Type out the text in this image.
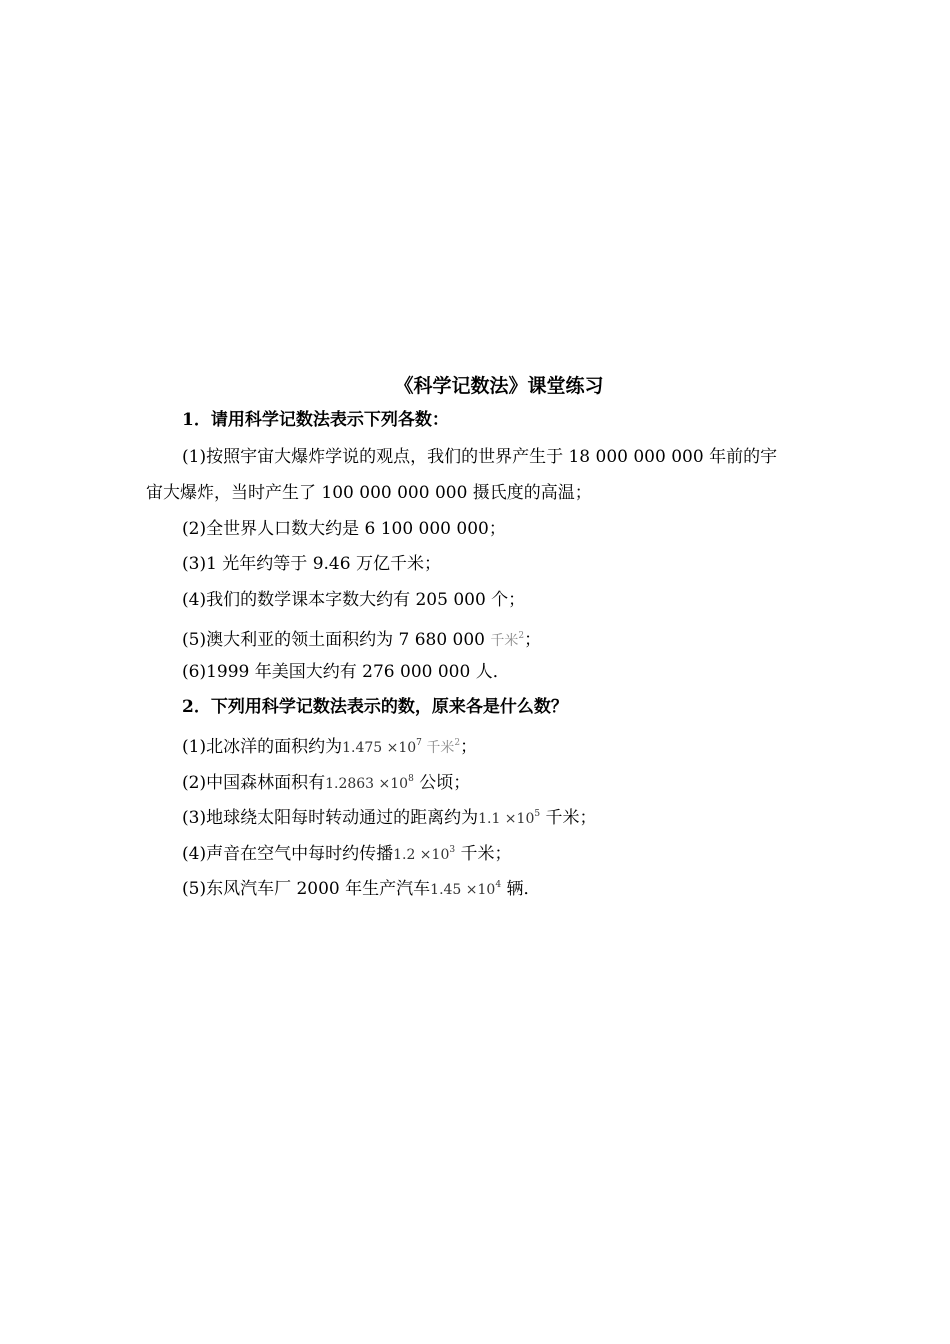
《科学记数法》课堂练习
1．请用科学记数法表示下列各数：
(1)按照宇宙大爆炸学说的观点，我们的世界产生于 18 000 000 000 年前的宇
宙大爆炸，当时产生了 100 000 000 000 摄氏度的高温；
(2)全世界人口数大约是 6 100 000 000；
(3)1 光年约等于 9.46 万亿千米；
(4)我们的数学课本字数大约有 205 000 个；
(5)澳大利亚的领土面积约为 7 680 000 千米$^2$；
(6)1999 年美国大约有 276 000 000 人．
2．下列用科学记数法表示的数，原来各是什么数？
(1)北冰洋的面积约为$1.475 \times 10^7$ 千米$^2$；
(2)中国森林面积有$1.2863 \times 10^8$ 公顷；
(3)地球绕太阳每时转动通过的距离约为$1.1 \times 10^5$ 千米；
(4)声音在空气中每时约传播$1.2 \times 10^3$ 千米；
(5)东风汽车厂 2000 年生产汽车$1.45 \times 10^4$ 辆．
